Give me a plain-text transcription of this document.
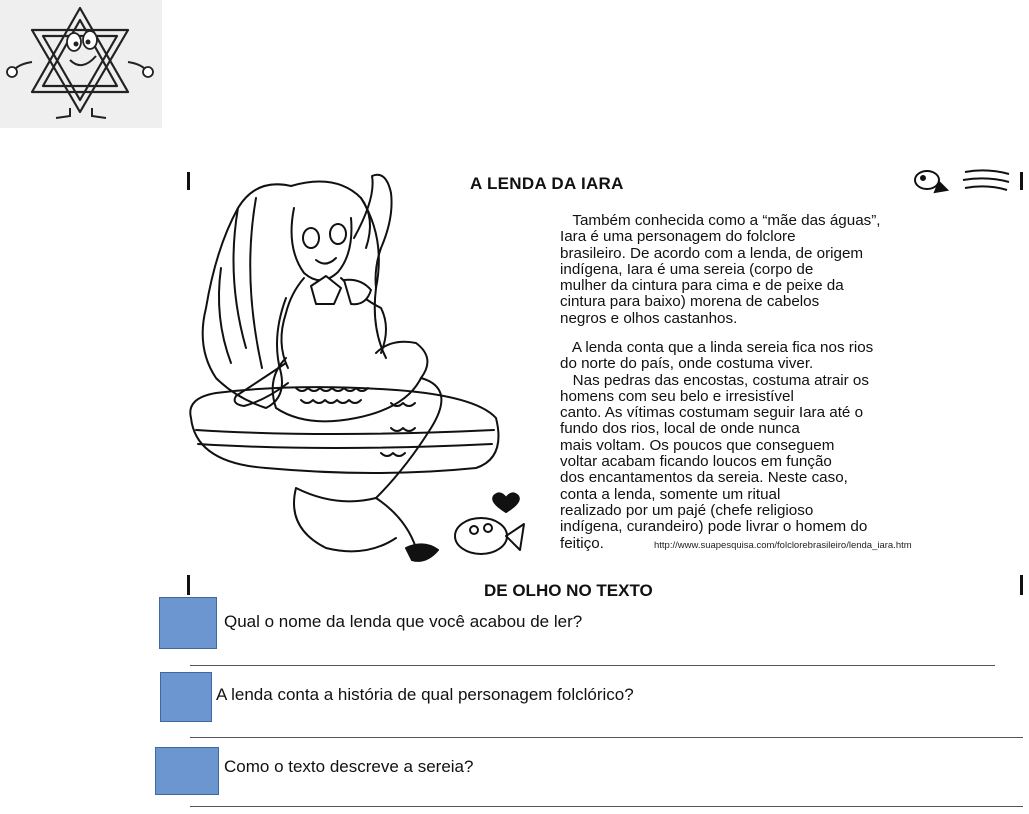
A LENDA DA IARA
Também conhecida como a “mãe das águas”,
Iara é uma personagem do folclore
brasileiro. De acordo com a lenda, de origem
indígena, Iara é uma sereia (corpo de
mulher da cintura para cima e de peixe da
cintura para baixo) morena de cabelos
negros e olhos castanhos.
A lenda conta que a linda sereia fica nos rios
do norte do país, onde costuma viver.
Nas pedras das encostas, costuma atrair os
homens com seu belo e irresistível
canto. As vítimas costumam seguir Iara até o
fundo dos rios, local de onde nunca
mais voltam. Os poucos que conseguem
voltar acabam ficando loucos em função
dos encantamentos da sereia. Neste caso,
conta a lenda, somente um ritual
realizado por um pajé (chefe religioso
indígena, curandeiro) pode livrar o homem do
feitiço.	http://www.suapesquisa.com/folclorebrasileiro/lenda_iara.htm
DE OLHO NO TEXTO
Qual o nome da lenda que você acabou de ler?
A lenda conta a história de qual personagem folclórico?
Como o texto descreve a sereia?
